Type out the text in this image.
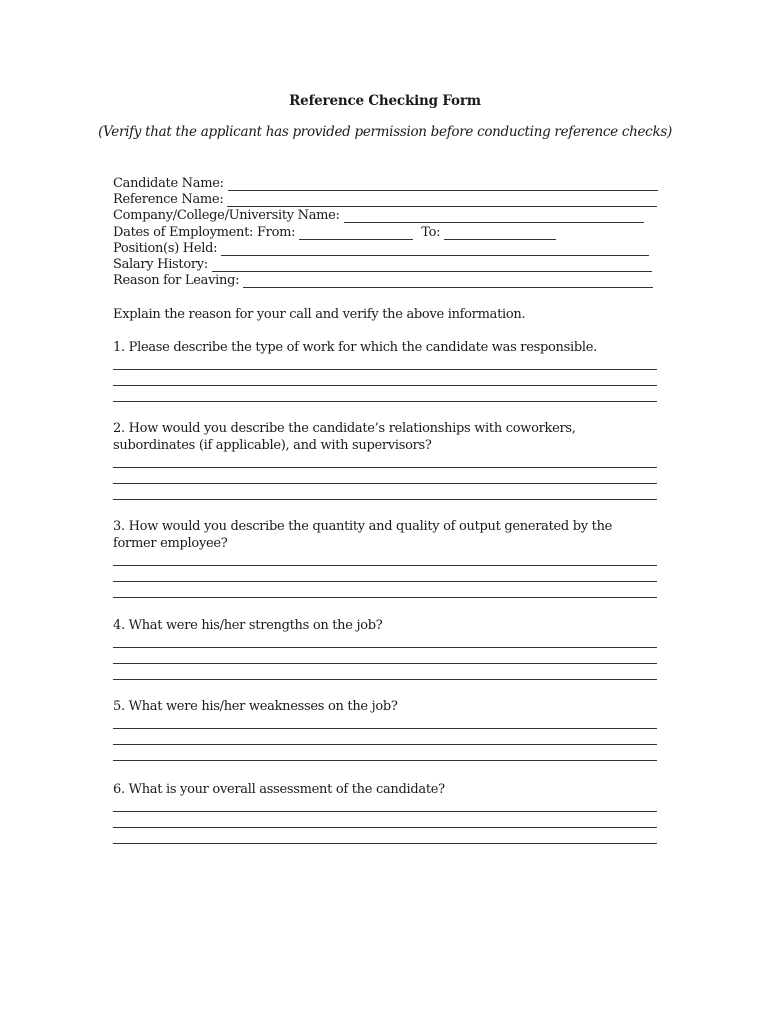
Reference Checking Form
(Verify that the applicant has provided permission before conducting reference checks)
Candidate Name:
Reference Name:
Company/College/University Name:
Dates of Employment: From:	To:
Position(s) Held:
Salary History:
Reason for Leaving:
Explain the reason for your call and verify the above information.
1. Please describe the type of work for which the candidate was responsible.
2. How would you describe the candidate’s relationships with coworkers, subordinates (if applicable), and with supervisors?
3. How would you describe the quantity and quality of output generated by the former employee?
4. What were his/her strengths on the job?
5. What were his/her weaknesses on the job?
6. What is your overall assessment of the candidate?
